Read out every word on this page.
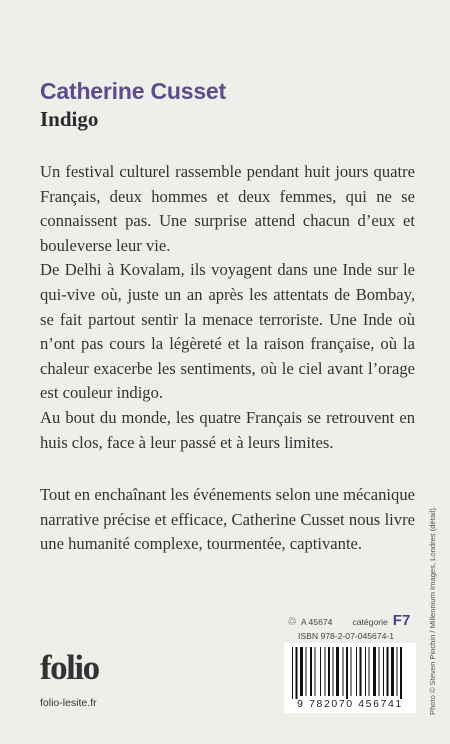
Catherine Cusset
Indigo

Un festival culturel rassemble pendant huit jours quatre Français, deux hommes et deux femmes, qui ne se connaissent pas. Une surprise attend chacun d’eux et bouleverse leur vie.

De Delhi à Kovalam, ils voyagent dans une Inde sur le qui-vive où, juste un an après les attentats de Bombay, se fait partout sentir la menace terroriste. Une Inde où n’ont pas cours la légèreté et la raison française, où la chaleur exacerbe les sentiments, où le ciel avant l’orage est couleur indigo.

Au bout du monde, les quatre Français se retrouvent en huis clos, face à leur passé et à leurs limites.

Tout en enchaînant les événements selon une mécanique narrative précise et efficace, Catherine Cusset nous livre une humanité complexe, tourmentée, captivante.	Photo © Steven Pinchin / Millennium Images, Londres (détail).
♲ A 45674 catégorie F7
ISBN 978-2-07-045674-1
9 782070 456741
folio
folio-lesite.fr
